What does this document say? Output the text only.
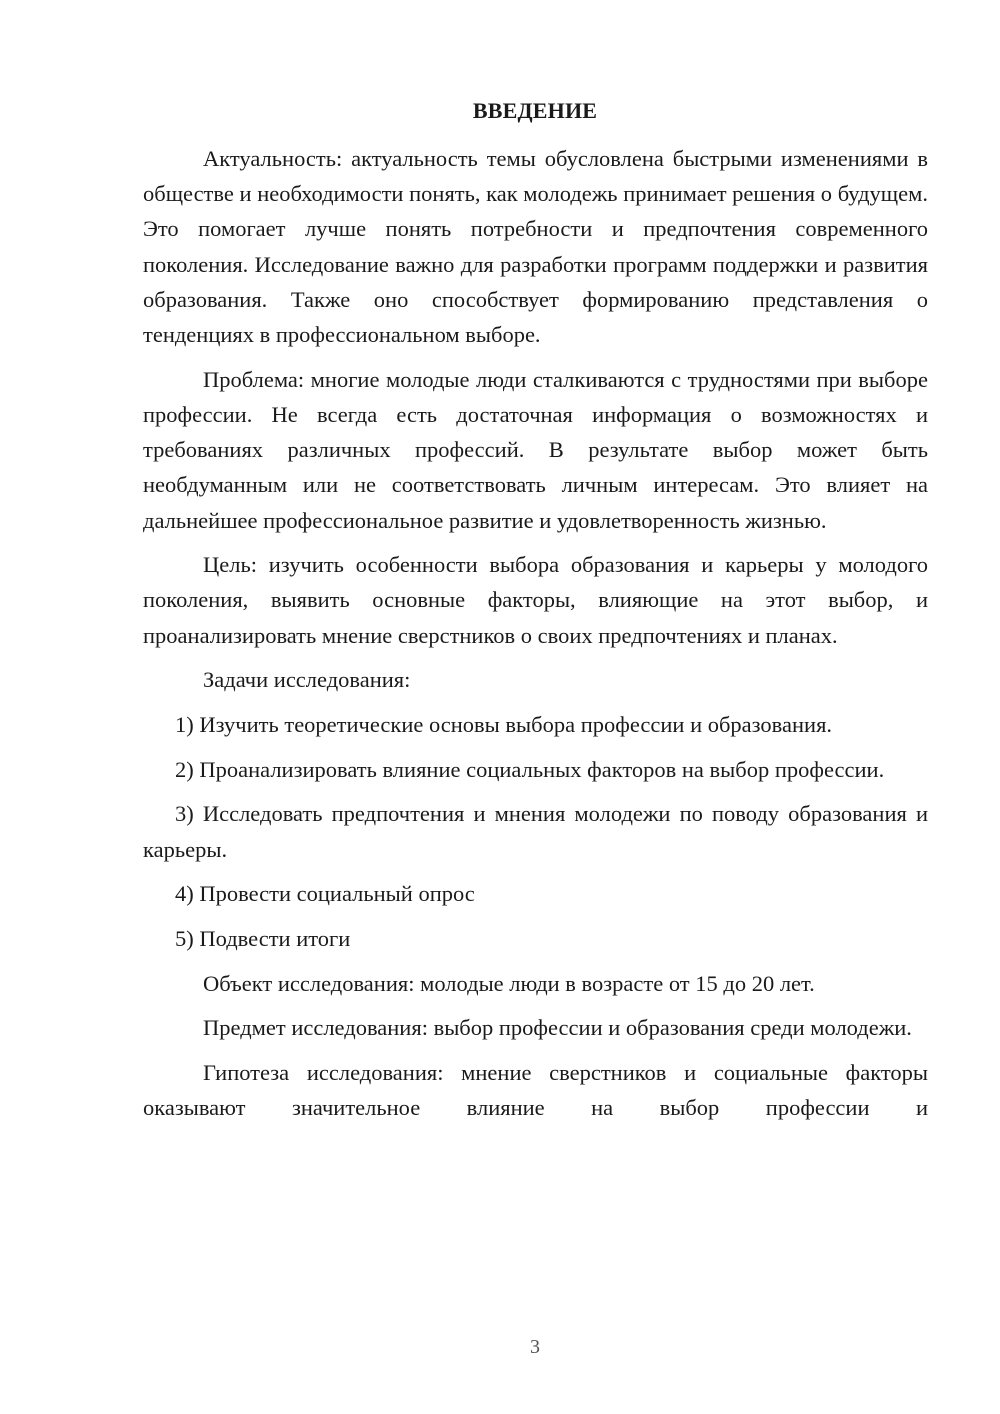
ВВЕДЕНИЕ

Актуальность: актуальность темы обусловлена быстрыми изменениями в обществе и необходимости понять, как молодежь принимает решения о будущем. Это помогает лучше понять потребности и предпочтения современного поколения. Исследование важно для разработки программ поддержки и развития образования. Также оно способствует формированию представления о тенденциях в профессиональном выборе.

Проблема: многие молодые люди сталкиваются с трудностями при выборе профессии. Не всегда есть достаточная информация о возможностях и требованиях различных профессий. В результате выбор может быть необдуманным или не соответствовать личным интересам. Это влияет на дальнейшее профессиональное развитие и удовлетворенность жизнью.

Цель: изучить особенности выбора образования и карьеры у молодого поколения, выявить основные факторы, влияющие на этот выбор, и проанализировать мнение сверстников о своих предпочтениях и планах.

Задачи исследования:

1) Изучить теоретические основы выбора профессии и образования.

2) Проанализировать влияние социальных факторов на выбор профессии.

3) Исследовать предпочтения и мнения молодежи по поводу образования и карьеры.

4) Провести социальный опрос

5) Подвести итоги

Объект исследования: молодые люди в возрасте от 15 до 20 лет.

Предмет исследования: выбор профессии и образования среди молодежи.

Гипотеза исследования: мнение сверстников и социальные факторы оказывают значительное влияние на выбор профессии и

3
